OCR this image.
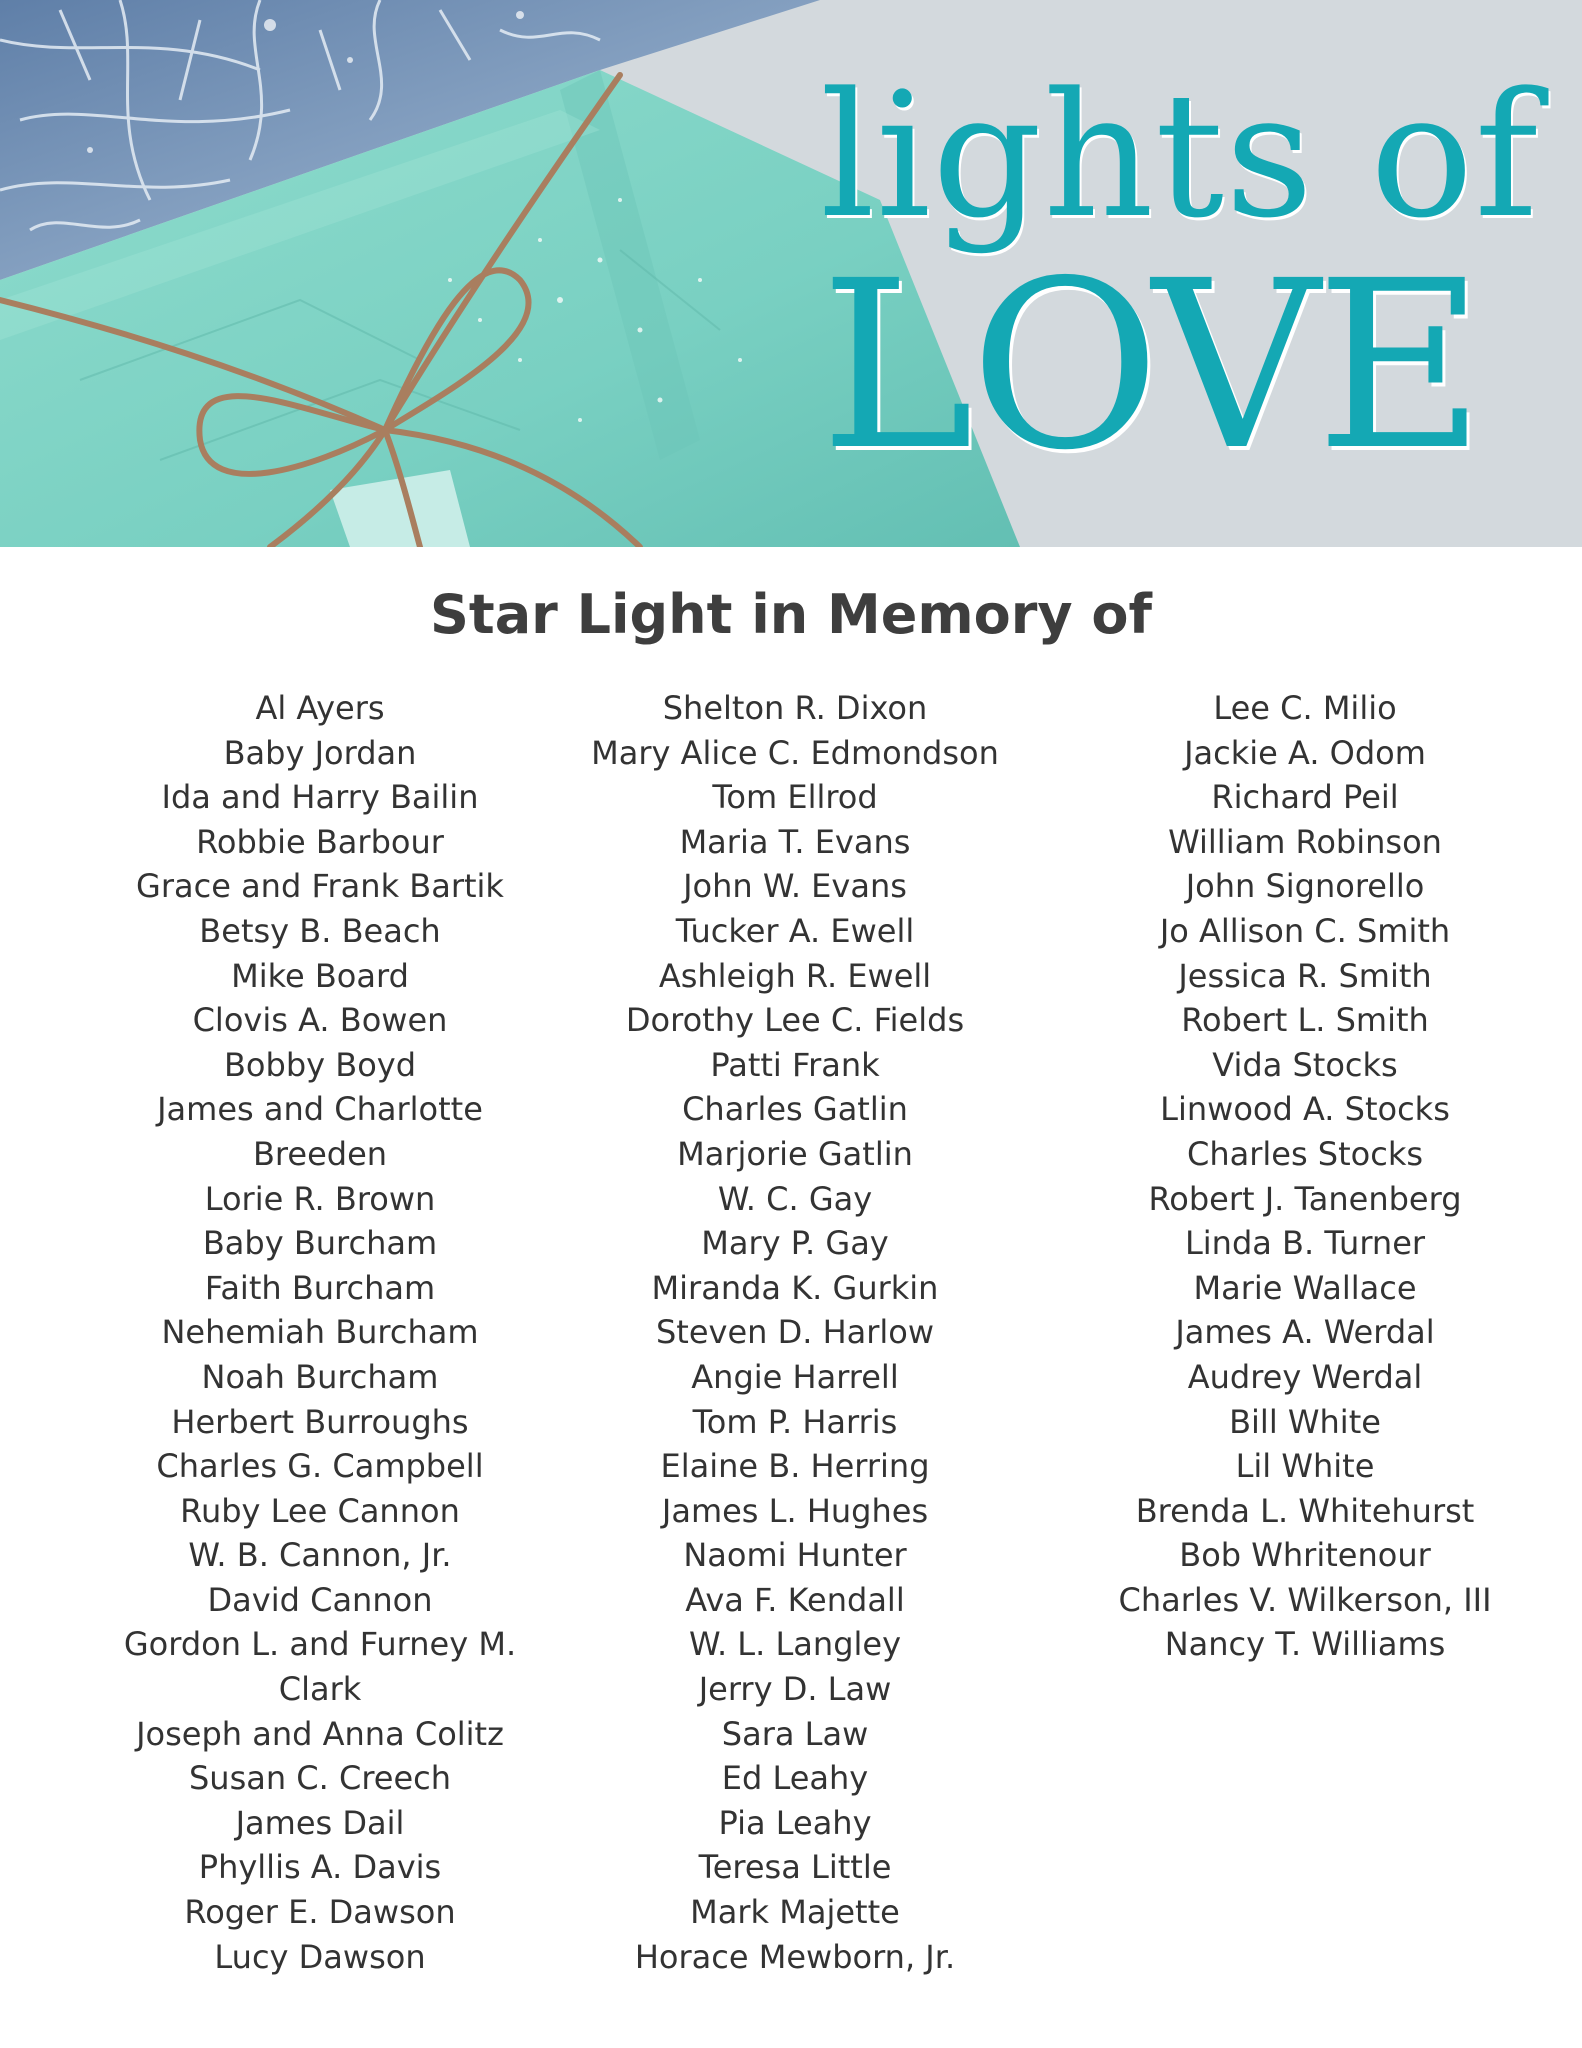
lights of
LOVE
Star Light in Memory of
Al Ayers
Baby Jordan
Ida and Harry Bailin
Robbie Barbour
Grace and Frank Bartik
Betsy B. Beach
Mike Board
Clovis A. Bowen
Bobby Boyd
James and Charlotte
Breeden
Lorie R. Brown
Baby Burcham
Faith Burcham
Nehemiah Burcham
Noah Burcham
Herbert Burroughs
Charles G. Campbell
Ruby Lee Cannon
W. B. Cannon, Jr.
David Cannon
Gordon L. and Furney M.
Clark
Joseph and Anna Colitz
Susan C. Creech
James Dail
Phyllis A. Davis
Roger E. Dawson
Lucy Dawson
Shelton R. Dixon
Mary Alice C. Edmondson
Tom Ellrod
Maria T. Evans
John W. Evans
Tucker A. Ewell
Ashleigh R. Ewell
Dorothy Lee C. Fields
Patti Frank
Charles Gatlin
Marjorie Gatlin
W. C. Gay
Mary P. Gay
Miranda K. Gurkin
Steven D. Harlow
Angie Harrell
Tom P. Harris
Elaine B. Herring
James L. Hughes
Naomi Hunter
Ava F. Kendall
W. L. Langley
Jerry D. Law
Sara Law
Ed Leahy
Pia Leahy
Teresa Little
Mark Majette
Horace Mewborn, Jr.
Lee C. Milio
Jackie A. Odom
Richard Peil
William Robinson
John Signorello
Jo Allison C. Smith
Jessica R. Smith
Robert L. Smith
Vida Stocks
Linwood A. Stocks
Charles Stocks
Robert J. Tanenberg
Linda B. Turner
Marie Wallace
James A. Werdal
Audrey Werdal
Bill White
Lil White
Brenda L. Whitehurst
Bob Whritenour
Charles V. Wilkerson, III
Nancy T. Williams
